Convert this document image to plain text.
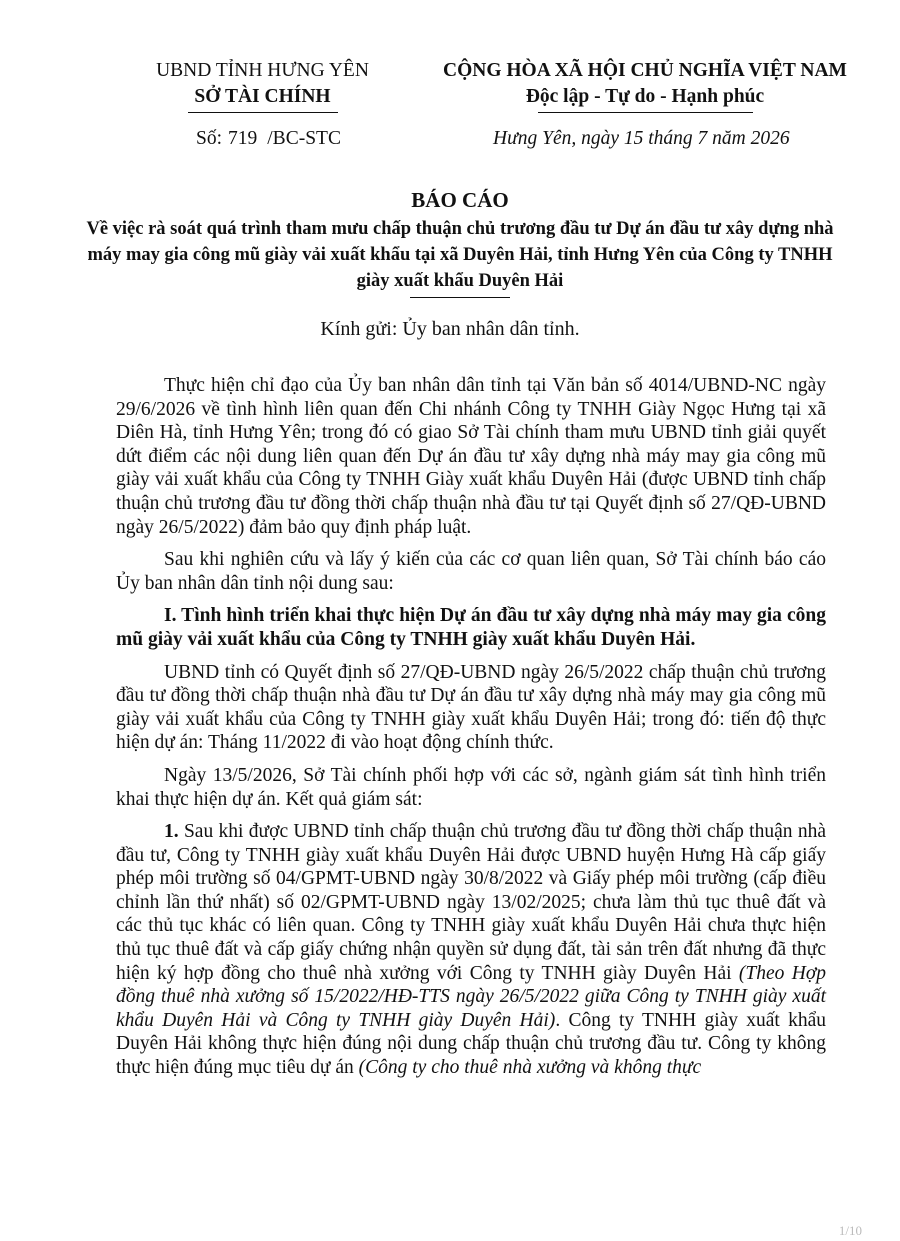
UBND TỈNH HƯNG YÊN
SỞ TÀI CHÍNH
CỘNG HÒA XÃ HỘI CHỦ NGHĨA VIỆT NAM
Độc lập - Tự do - Hạnh phúc
Số: 719 /BC-STC	Hưng Yên, ngày 15 tháng 7 năm 2026
BÁO CÁO
Về việc rà soát quá trình tham mưu chấp thuận chủ trương đầu tư Dự án đầu tư xây dựng nhà máy may gia công mũ giày vải xuất khẩu tại xã Duyên Hải, tỉnh Hưng Yên của Công ty TNHH giày xuất khẩu Duyên Hải
Kính gửi: Ủy ban nhân dân tỉnh.

Thực hiện chỉ đạo của Ủy ban nhân dân tỉnh tại Văn bản số 4014/UBND-NC ngày 29/6/2026 về tình hình liên quan đến Chi nhánh Công ty TNHH Giày Ngọc Hưng tại xã Diên Hà, tỉnh Hưng Yên; trong đó có giao Sở Tài chính tham mưu UBND tỉnh giải quyết dứt điểm các nội dung liên quan đến Dự án đầu tư xây dựng nhà máy may gia công mũ giày vải xuất khẩu của Công ty TNHH Giày xuất khẩu Duyên Hải (được UBND tỉnh chấp thuận chủ trương đầu tư đồng thời chấp thuận nhà đầu tư tại Quyết định số 27/QĐ-UBND ngày 26/5/2022) đảm bảo quy định pháp luật.

Sau khi nghiên cứu và lấy ý kiến của các cơ quan liên quan, Sở Tài chính báo cáo Ủy ban nhân dân tỉnh nội dung sau:

I. Tình hình triển khai thực hiện Dự án đầu tư xây dựng nhà máy may gia công mũ giày vải xuất khẩu của Công ty TNHH giày xuất khẩu Duyên Hải.

UBND tỉnh có Quyết định số 27/QĐ-UBND ngày 26/5/2022 chấp thuận chủ trương đầu tư đồng thời chấp thuận nhà đầu tư Dự án đầu tư xây dựng nhà máy may gia công mũ giày vải xuất khẩu của Công ty TNHH giày xuất khẩu Duyên Hải; trong đó: tiến độ thực hiện dự án: Tháng 11/2022 đi vào hoạt động chính thức.

Ngày 13/5/2026, Sở Tài chính phối hợp với các sở, ngành giám sát tình hình triển khai thực hiện dự án. Kết quả giám sát:

1. Sau khi được UBND tỉnh chấp thuận chủ trương đầu tư đồng thời chấp thuận nhà đầu tư, Công ty TNHH giày xuất khẩu Duyên Hải được UBND huyện Hưng Hà cấp giấy phép môi trường số 04/GPMT-UBND ngày 30/8/2022 và Giấy phép môi trường (cấp điều chỉnh lần thứ nhất) số 02/GPMT-UBND ngày 13/02/2025; chưa làm thủ tục thuê đất và các thủ tục khác có liên quan. Công ty TNHH giày xuất khẩu Duyên Hải chưa thực hiện thủ tục thuê đất và cấp giấy chứng nhận quyền sử dụng đất, tài sản trên đất nhưng đã thực hiện ký hợp đồng cho thuê nhà xưởng với Công ty TNHH giày Duyên Hải (Theo Hợp đồng thuê nhà xưởng số 15/2022/HĐ-TTS ngày 26/5/2022 giữa Công ty TNHH giày xuất khẩu Duyên Hải và Công ty TNHH giày Duyên Hải). Công ty TNHH giày xuất khẩu Duyên Hải không thực hiện đúng nội dung chấp thuận chủ trương đầu tư. Công ty không thực hiện đúng mục tiêu dự án (Công ty cho thuê nhà xưởng và không thực

1/10
